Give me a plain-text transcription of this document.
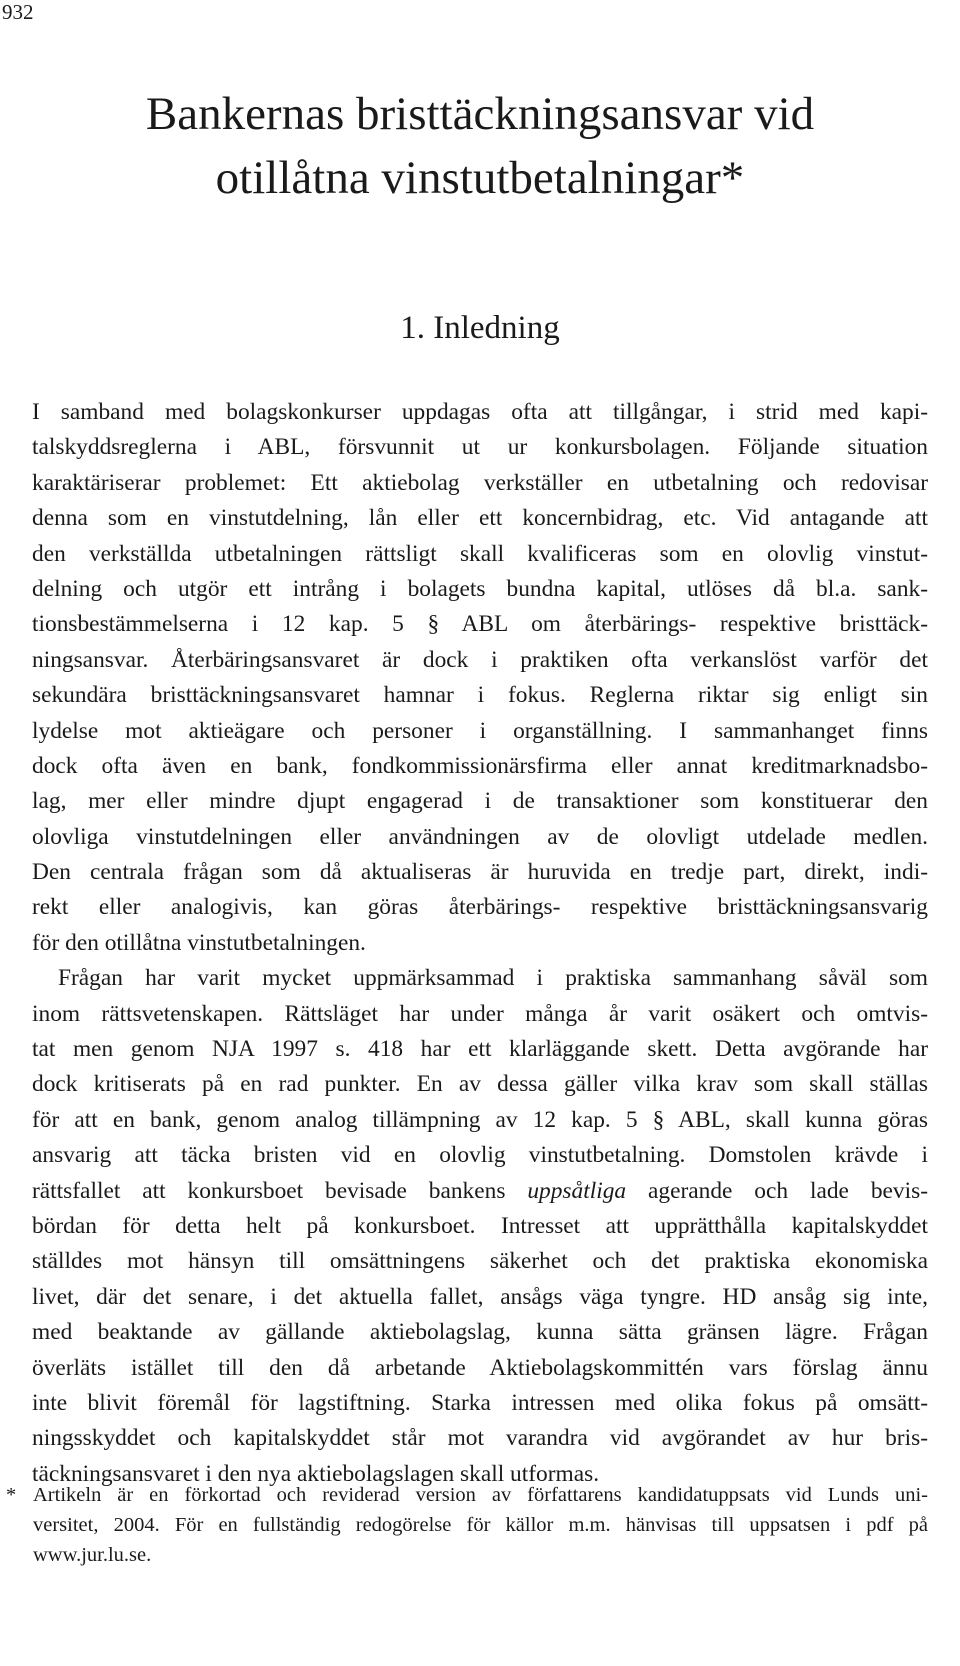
932
Bankernas bristtäckningsansvar vid
otillåtna vinstutbetalningar*
1. Inledning
I samband med bolagskonkurser uppdagas ofta att tillgångar, i strid med kapi-
talskyddsreglerna i ABL, försvunnit ut ur konkursbolagen. Följande situation
karaktäriserar problemet: Ett aktiebolag verkställer en utbetalning och redovisar
denna som en vinstutdelning, lån eller ett koncernbidrag, etc. Vid antagande att
den verkställda utbetalningen rättsligt skall kvalificeras som en olovlig vinstut-
delning och utgör ett intrång i bolagets bundna kapital, utlöses då bl.a. sank-
tionsbestämmelserna i 12 kap. 5 § ABL om återbärings- respektive bristtäck-
ningsansvar. Återbäringsansvaret är dock i praktiken ofta verkanslöst varför det
sekundära bristtäckningsansvaret hamnar i fokus. Reglerna riktar sig enligt sin
lydelse mot aktieägare och personer i organställning. I sammanhanget finns
dock ofta även en bank, fondkommissionärsfirma eller annat kreditmarknadsbo-
lag, mer eller mindre djupt engagerad i de transaktioner som konstituerar den
olovliga vinstutdelningen eller användningen av de olovligt utdelade medlen.
Den centrala frågan som då aktualiseras är huruvida en tredje part, direkt, indi-
rekt eller analogivis, kan göras återbärings- respektive bristtäckningsansvarig
för den otillåtna vinstutbetalningen.
Frågan har varit mycket uppmärksammad i praktiska sammanhang såväl som
inom rättsvetenskapen. Rättsläget har under många år varit osäkert och omtvis-
tat men genom NJA 1997 s. 418 har ett klarläggande skett. Detta avgörande har
dock kritiserats på en rad punkter. En av dessa gäller vilka krav som skall ställas
för att en bank, genom analog tillämpning av 12 kap. 5 § ABL, skall kunna göras
ansvarig att täcka bristen vid en olovlig vinstutbetalning. Domstolen krävde i
rättsfallet att konkursboet bevisade bankens uppsåtliga agerande och lade bevis-
bördan för detta helt på konkursboet. Intresset att upprätthålla kapitalskyddet
ställdes mot hänsyn till omsättningens säkerhet och det praktiska ekonomiska
livet, där det senare, i det aktuella fallet, ansågs väga tyngre. HD ansåg sig inte,
med beaktande av gällande aktiebolagslag, kunna sätta gränsen lägre. Frågan
överläts istället till den då arbetande Aktiebolagskommittén vars förslag ännu
inte blivit föremål för lagstiftning. Starka intressen med olika fokus på omsätt-
ningsskyddet och kapitalskyddet står mot varandra vid avgörandet av hur bris-
täckningsansvaret i den nya aktiebolagslagen skall utformas.
* Artikeln är en förkortad och reviderad version av författarens kandidatuppsats vid Lunds uni-
versitet, 2004. För en fullständig redogörelse för källor m.m. hänvisas till uppsatsen i pdf på
www.jur.lu.se.
